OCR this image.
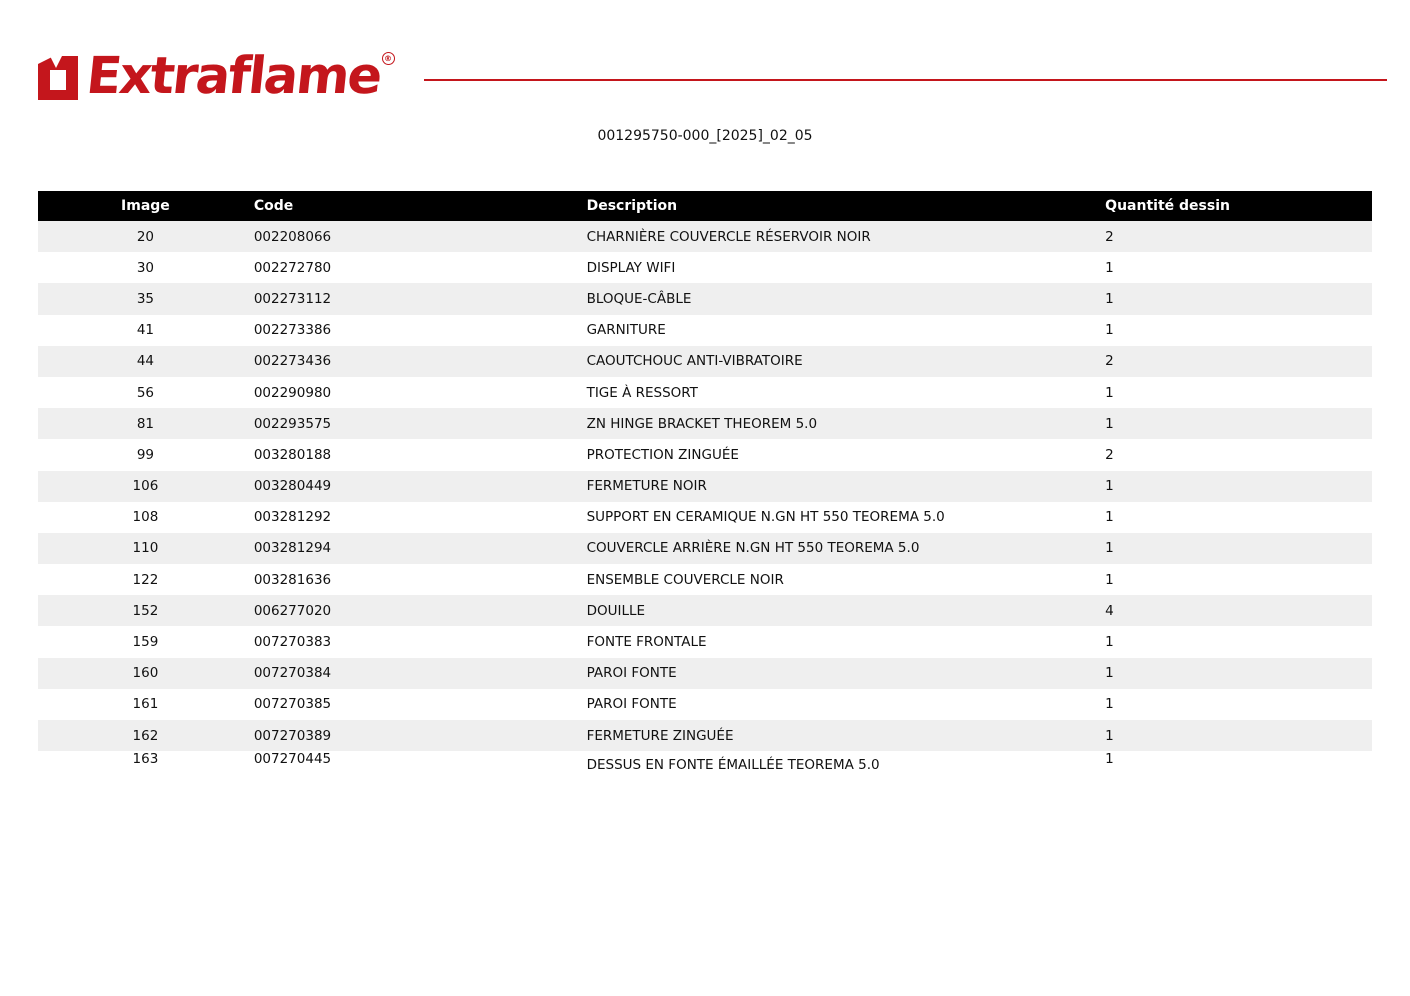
Extraflame ®
001295750-000_[2025]_02_05
Image	Code	Description	Quantité dessin
20	002208066	CHARNIÈRE COUVERCLE RÉSERVOIR NOIR	2
30	002272780	DISPLAY WIFI	1
35	002273112	BLOQUE-CÂBLE	1
41	002273386	GARNITURE	1
44	002273436	CAOUTCHOUC ANTI-VIBRATOIRE	2
56	002290980	TIGE À RESSORT	1
81	002293575	ZN HINGE BRACKET THEOREM 5.0	1
99	003280188	PROTECTION ZINGUÉE	2
106	003280449	FERMETURE NOIR	1
108	003281292	SUPPORT EN CERAMIQUE N.GN HT 550 TEOREMA 5.0	1
110	003281294	COUVERCLE ARRIÈRE N.GN HT 550 TEOREMA 5.0	1
122	003281636	ENSEMBLE COUVERCLE NOIR	1
152	006277020	DOUILLE	4
159	007270383	FONTE FRONTALE	1
160	007270384	PAROI FONTE	1
161	007270385	PAROI FONTE	1
162	007270389	FERMETURE ZINGUÉE	1
163	007270445	DESSUS EN FONTE ÉMAILLÉE TEOREMA 5.0	1
